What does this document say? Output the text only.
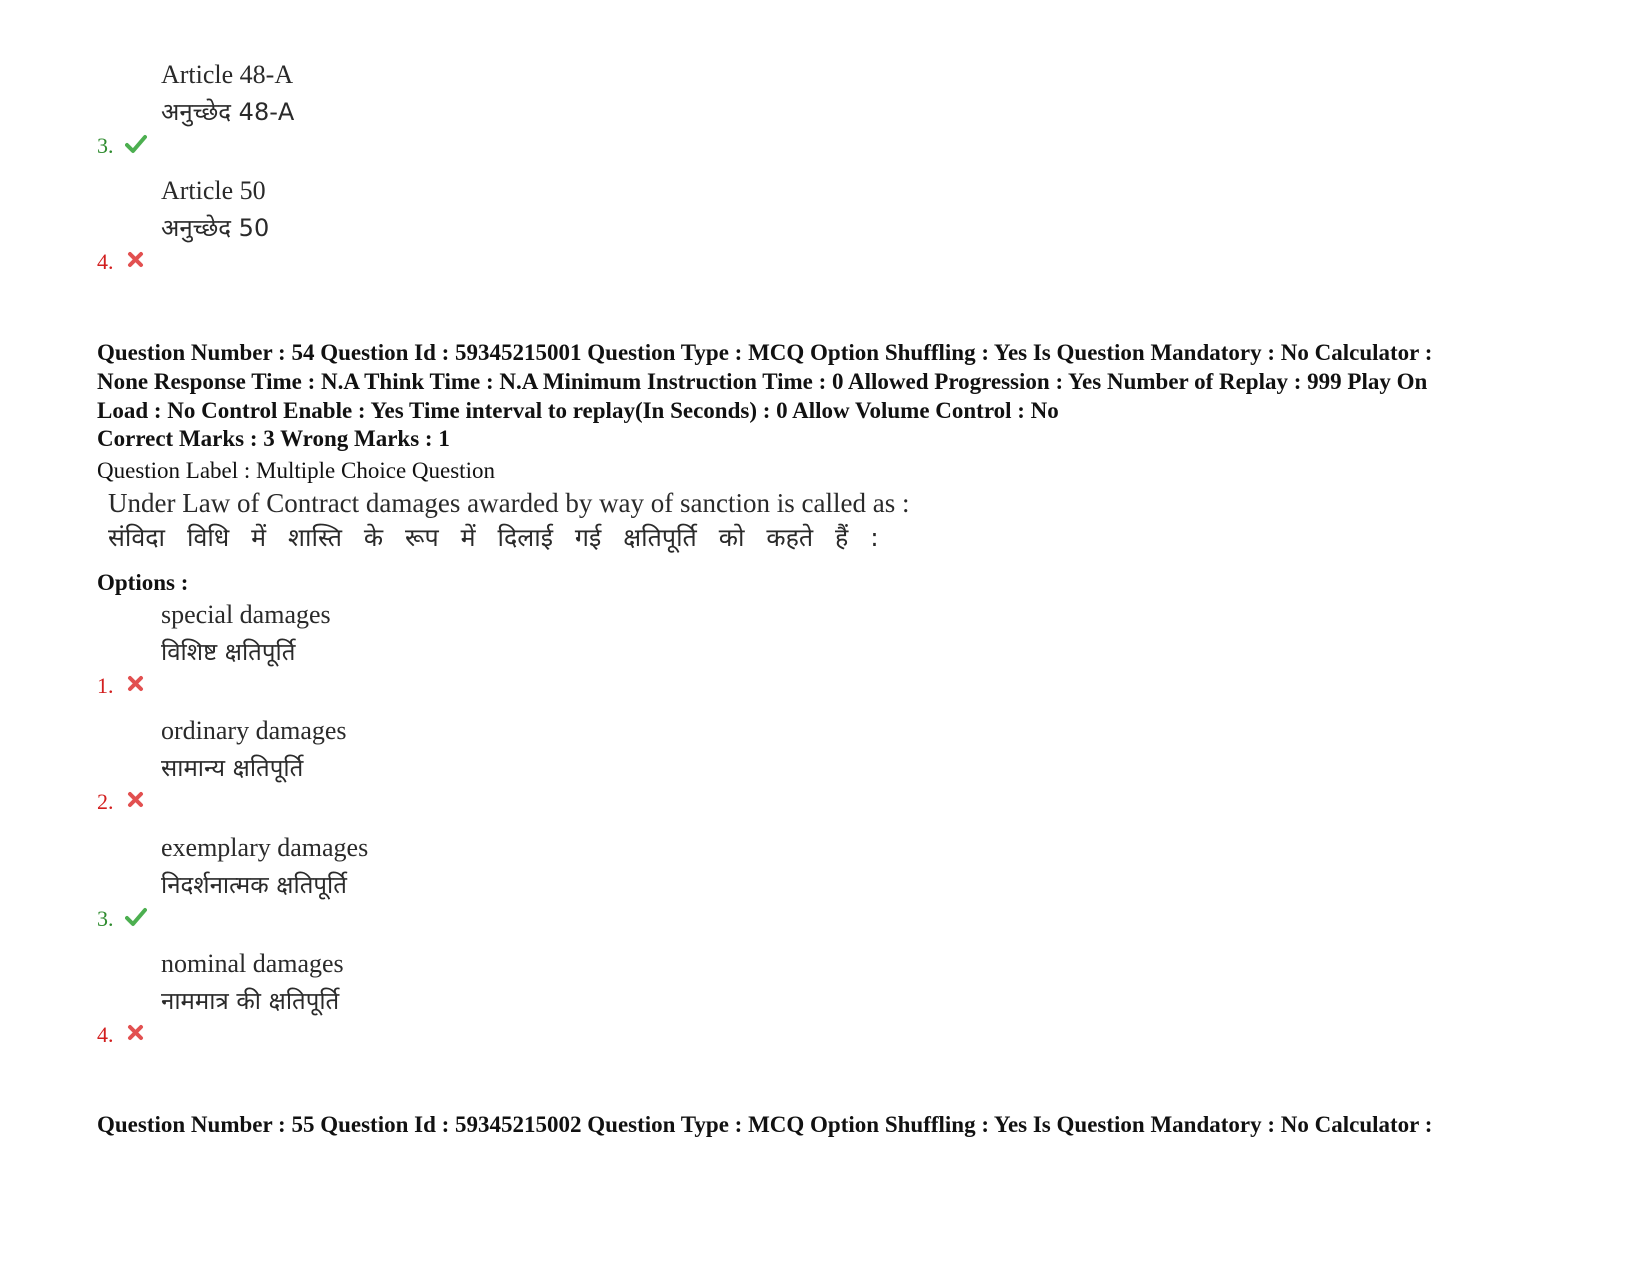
Article 48-A
अनुच्छेद 48-A
3.
Article 50
अनुच्छेद 50
4.
Question Number : 54 Question Id : 59345215001 Question Type : MCQ Option Shuffling : Yes Is Question Mandatory : No Calculator :
None Response Time : N.A Think Time : N.A Minimum Instruction Time : 0 Allowed Progression : Yes Number of Replay : 999 Play On
Load : No Control Enable : Yes Time interval to replay(In Seconds) : 0 Allow Volume Control : No
Correct Marks : 3 Wrong Marks : 1
Question Label : Multiple Choice Question
Under Law of Contract damages awarded by way of sanction is called as :
संविदा विधि में शास्ति के रूप में दिलाई गई क्षतिपूर्ति को कहते हैं :
Options :
special damages
विशिष्ट क्षतिपूर्ति
1.
ordinary damages
सामान्य क्षतिपूर्ति
2.
exemplary damages
निदर्शनात्मक क्षतिपूर्ति
3.
nominal damages
नाममात्र की क्षतिपूर्ति
4.
Question Number : 55 Question Id : 59345215002 Question Type : MCQ Option Shuffling : Yes Is Question Mandatory : No Calculator :
